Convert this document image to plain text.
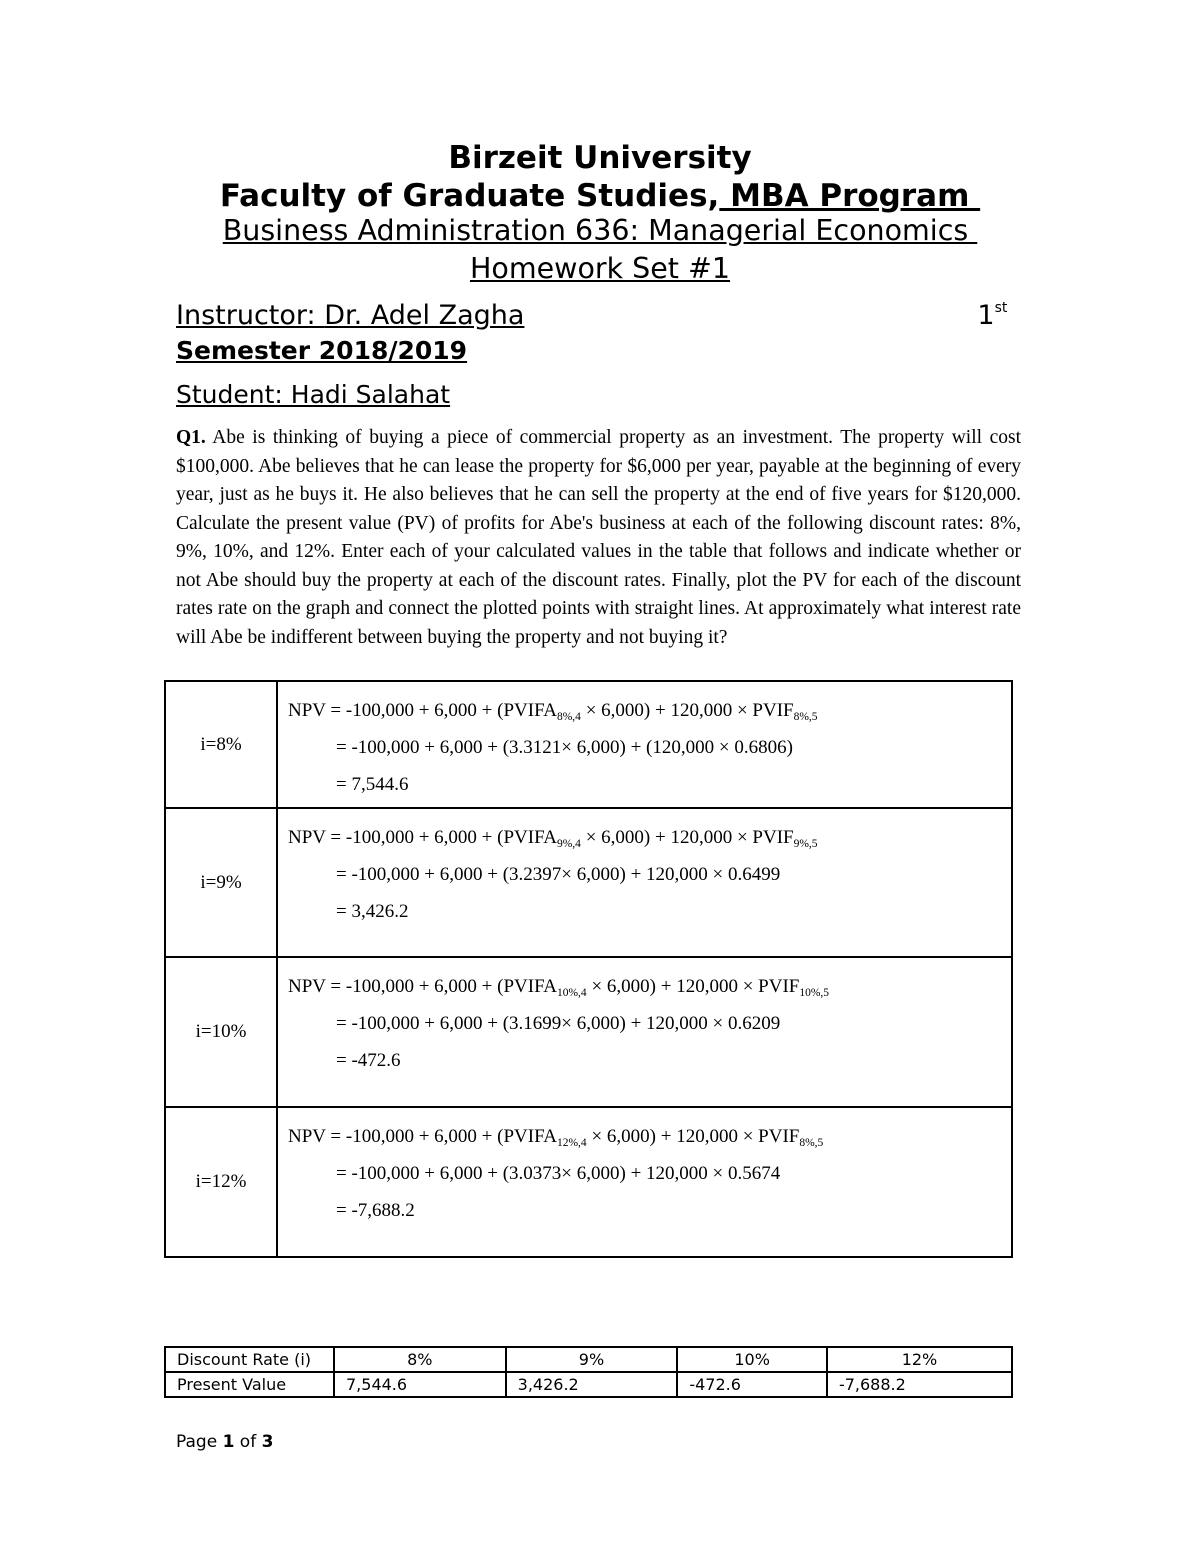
Birzeit University
Faculty of Graduate Studies, MBA Program
Business Administration 636: Managerial Economics
Homework Set #1
Instructor: Dr. Adel Zagha	1st
Semester 2018/2019
Student: Hadi Salahat
Q1. Abe is thinking of buying a piece of commercial property as an investment. The property will cost $100,000. Abe believes that he can lease the property for $6,000 per year, payable at the beginning of every year, just as he buys it. He also believes that he can sell the property at the end of five years for $120,000. Calculate the present value (PV) of profits for Abe's business at each of the following discount rates: 8%, 9%, 10%, and 12%. Enter each of your calculated values in the table that follows and indicate whether or not Abe should buy the property at each of the discount rates. Finally, plot the PV for each of the discount rates rate on the graph and connect the plotted points with straight lines. At approximately what interest rate will Abe be indifferent between buying the property and not buying it?
i=8%	NPV = $-100,000 + 6,000 + (PVIFA_{8\%,4} \times 6,000) + 120,000$ × $PVIF_{8\%,5}$
= -100,000 + 6,000 + (3.3121× 6,000) + (120,000 × 0.6806)
= 7,544.6

i=9%	NPV = $-100,000 + 6,000 + (PVIFA_{9\%,4} \times 6,000) + 120,000$ × $PVIF_{9\%,5}$
= -100,000 + 6,000 + (3.2397× 6,000) + 120,000 × 0.6499
= 3,426.2

i=10%	NPV = $-100,000 + 6,000 + (PVIFA_{10\%,4} \times 6,000) + 120,000$ × $PVIF_{10\%,5}$
= -100,000 + 6,000 + (3.1699× 6,000) + 120,000 × 0.6209
= -472.6

i=12%	NPV = $-100,000 + 6,000 + (PVIFA_{12\%,4} \times 6,000) + 120,000$ × $PVIF_{8\%,5}$
= -100,000 + 6,000 + (3.0373× 6,000) + 120,000 × 0.5674
= -7,688.2
Discount Rate (i)	8%	9%	10%	12%
Present Value	7,544.6	3,426.2	-472.6	-7,688.2
Page 1 of 3
